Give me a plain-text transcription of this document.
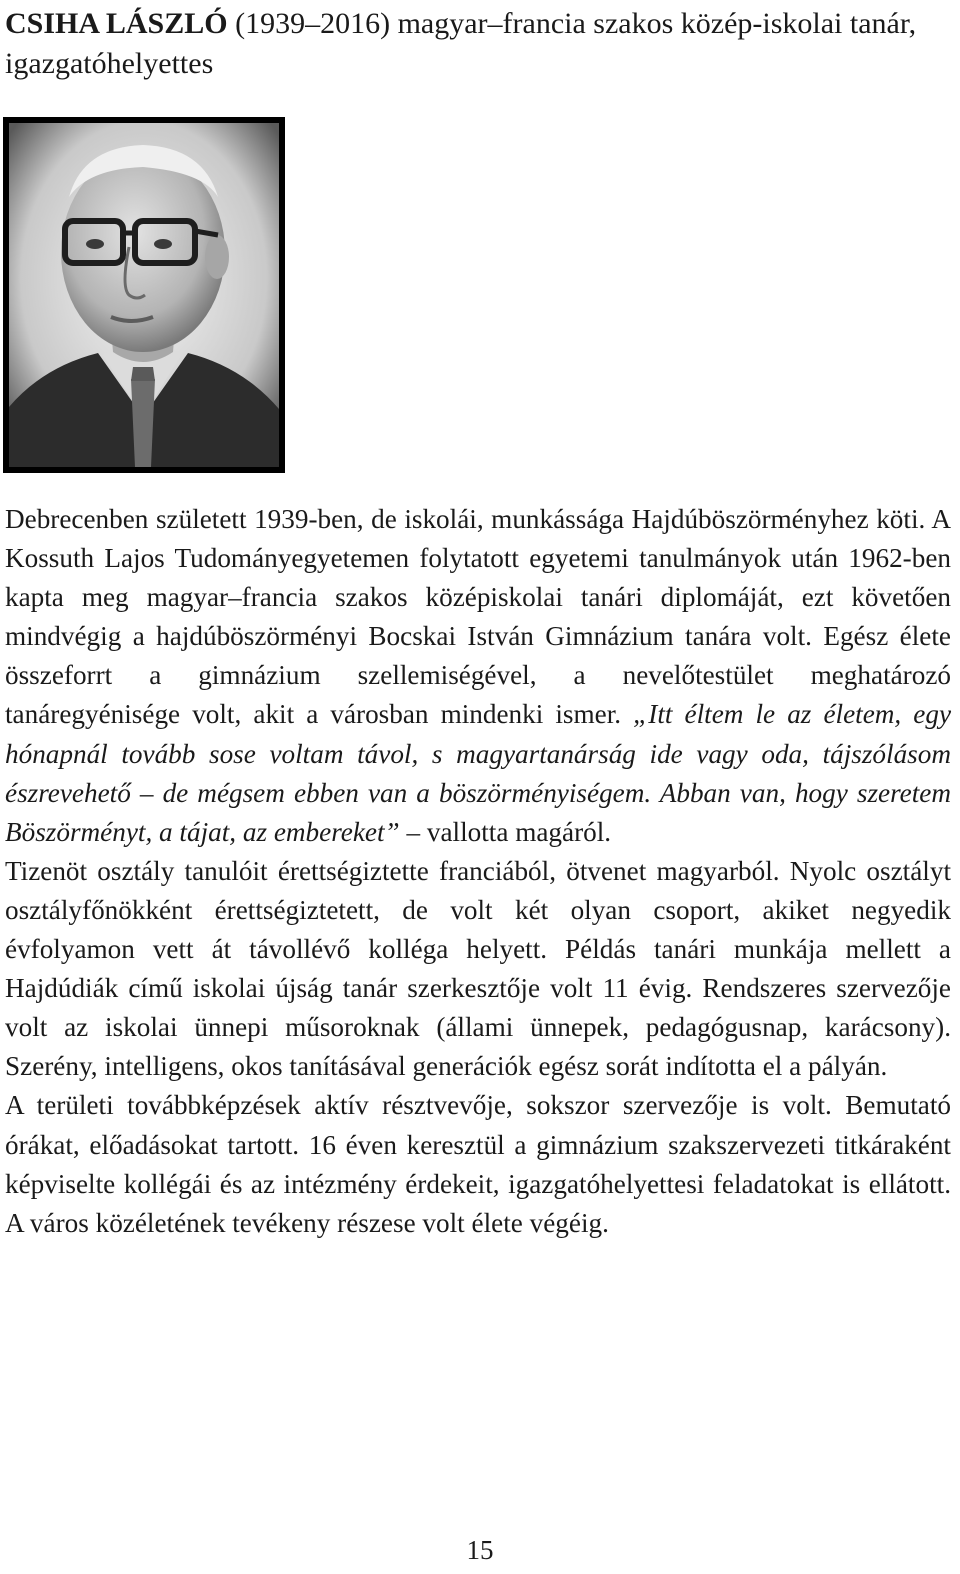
CSIHA LÁSZLÓ (1939–2016) magyar–francia szakos közép-iskolai tanár, igazgatóhelyettes

Debrecenben született 1939-ben, de iskolái, munkássága Hajdúböszörményhez köti. A Kossuth Lajos Tudományegyetemen folytatott egyetemi tanulmányok után 1962-ben kapta meg magyar–francia szakos középiskolai tanári diplomáját, ezt követően mindvégig a hajdúböszörményi Bocskai István Gimnázium tanára volt. Egész élete összeforrt a gimnázium szellemiségével, a nevelőtestület meghatározó tanáregyénisége volt, akit a városban mindenki ismer. „Itt éltem le az életem, egy hónapnál tovább sose voltam távol, s magyartanárság ide vagy oda, tájszólásom észrevehető – de mégsem ebben van a böszörményiségem. Abban van, hogy szeretem Böszörményt, a tájat, az embereket” – vallotta magáról.

Tizenöt osztály tanulóit érettségiztette franciából, ötvenet magyarból. Nyolc osztályt osztályfőnökként érettségiztetett, de volt két olyan csoport, akiket negyedik évfolyamon vett át távollévő kolléga helyett. Példás tanári munkája mellett a Hajdúdiák című iskolai újság tanár szerkesztője volt 11 évig. Rendszeres szervezője volt az iskolai ünnepi műsoroknak (állami ünnepek, pedagógusnap, karácsony). Szerény, intelligens, okos tanításával generációk egész sorát indította el a pályán.

A területi továbbképzések aktív résztvevője, sokszor szervezője is volt. Bemutató órákat, előadásokat tartott. 16 éven keresztül a gimnázium szakszervezeti titkáraként képviselte kollégái és az intézmény érdekeit, igazgatóhelyettesi feladatokat is ellátott. A város közéletének tevékeny részese volt élete végéig.

15
